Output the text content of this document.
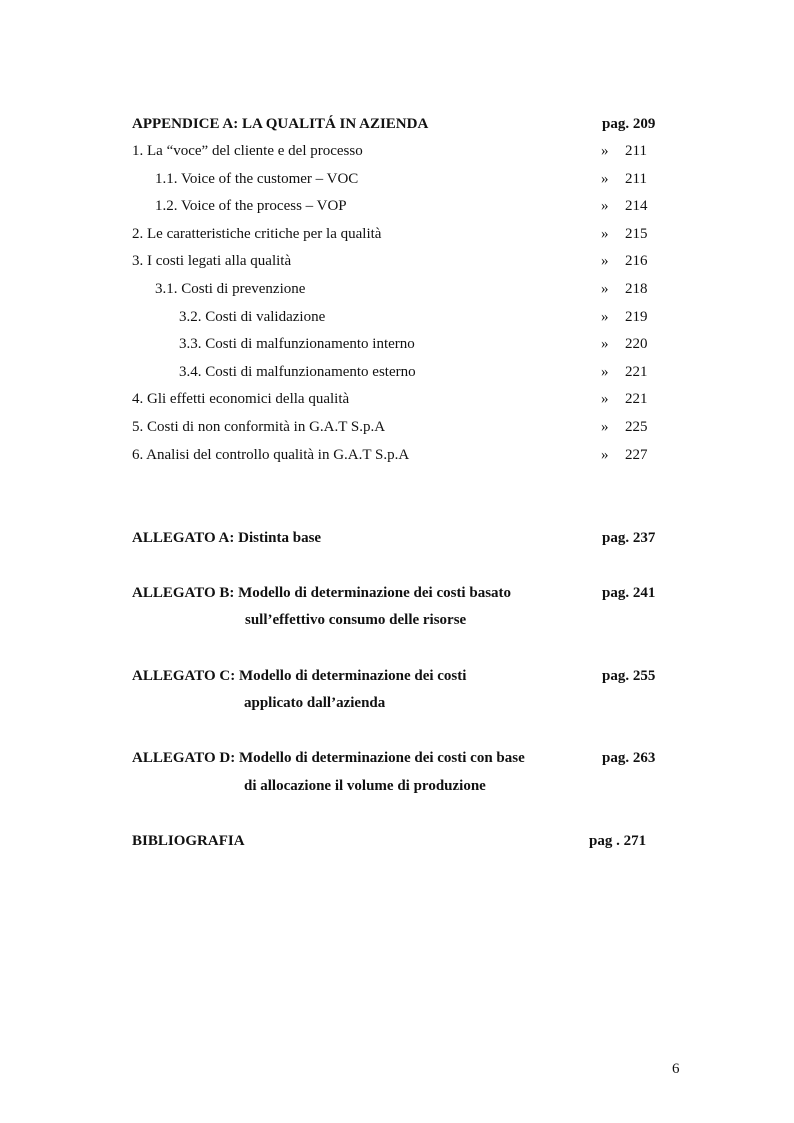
APPENDICE A: LA QUALITÁ IN AZIENDA	pag. 209
1. La “voce” del cliente e del processo	» 211
1.1. Voice of the customer – VOC	» 211
1.2. Voice of the process – VOP	» 214
2. Le caratteristiche critiche per la qualità	» 215
3. I costi legati alla qualità	» 216
3.1. Costi di prevenzione	» 218
3.2. Costi di validazione	» 219
3.3. Costi di malfunzionamento interno	» 220
3.4. Costi di malfunzionamento esterno	» 221
4. Gli effetti economici della qualità	» 221
5. Costi di non conformità in G.A.T S.p.A	» 225
6. Analisi del controllo qualità in G.A.T S.p.A	» 227
ALLEGATO A: Distinta base	pag. 237
ALLEGATO B: Modello di determinazione dei costi basato	pag. 241
sull’effettivo consumo delle risorse
ALLEGATO C: Modello di determinazione dei costi	pag. 255
applicato dall’azienda
ALLEGATO D: Modello di determinazione dei costi con base	pag. 263
di allocazione il volume di produzione
BIBLIOGRAFIA	pag . 271
6
